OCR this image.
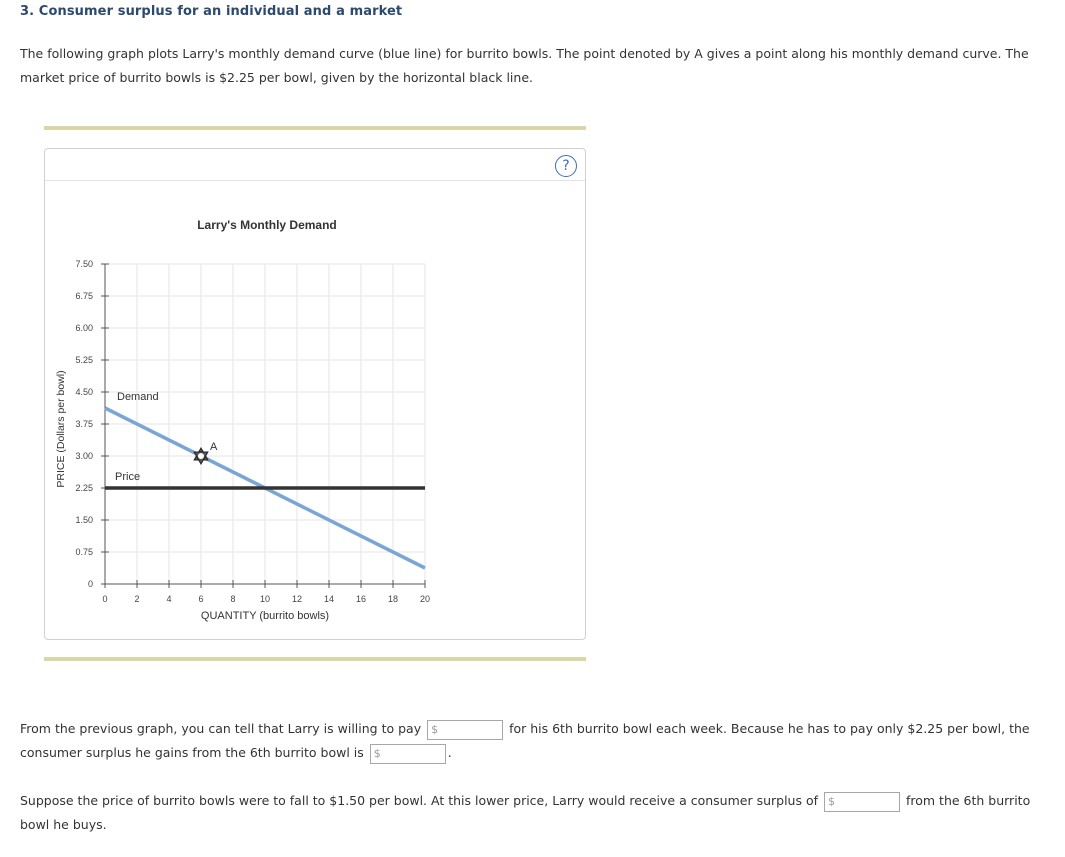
3. Consumer surplus for an individual and a market
The following graph plots Larry's monthly demand curve (blue line) for burrito bowls. The point denoted by A gives a point along his monthly demand curve. The market price of burrito bowls is $2.25 per bowl, given by the horizontal black line.
?
Larry's Monthly Demand
0	2	4	6	8	10 12 14 16 18 20
0
0.75
1.50
2.25
3.00
3.75
4.50
5.25
6.00
6.75
7.50
Demand
Price
A
QUANTITY (burrito bowls)
PRICE (Dollars per bowl)
From the previous graph, you can tell that Larry is willing to pay $	for his 6th burrito bowl each week. Because he has to pay only $2.25 per bowl, the consumer surplus he gains from the 6th burrito bowl is $	.
Suppose the price of burrito bowls were to fall to $1.50 per bowl. At this lower price, Larry would receive a consumer surplus of $	from the 6th burrito bowl he buys.
